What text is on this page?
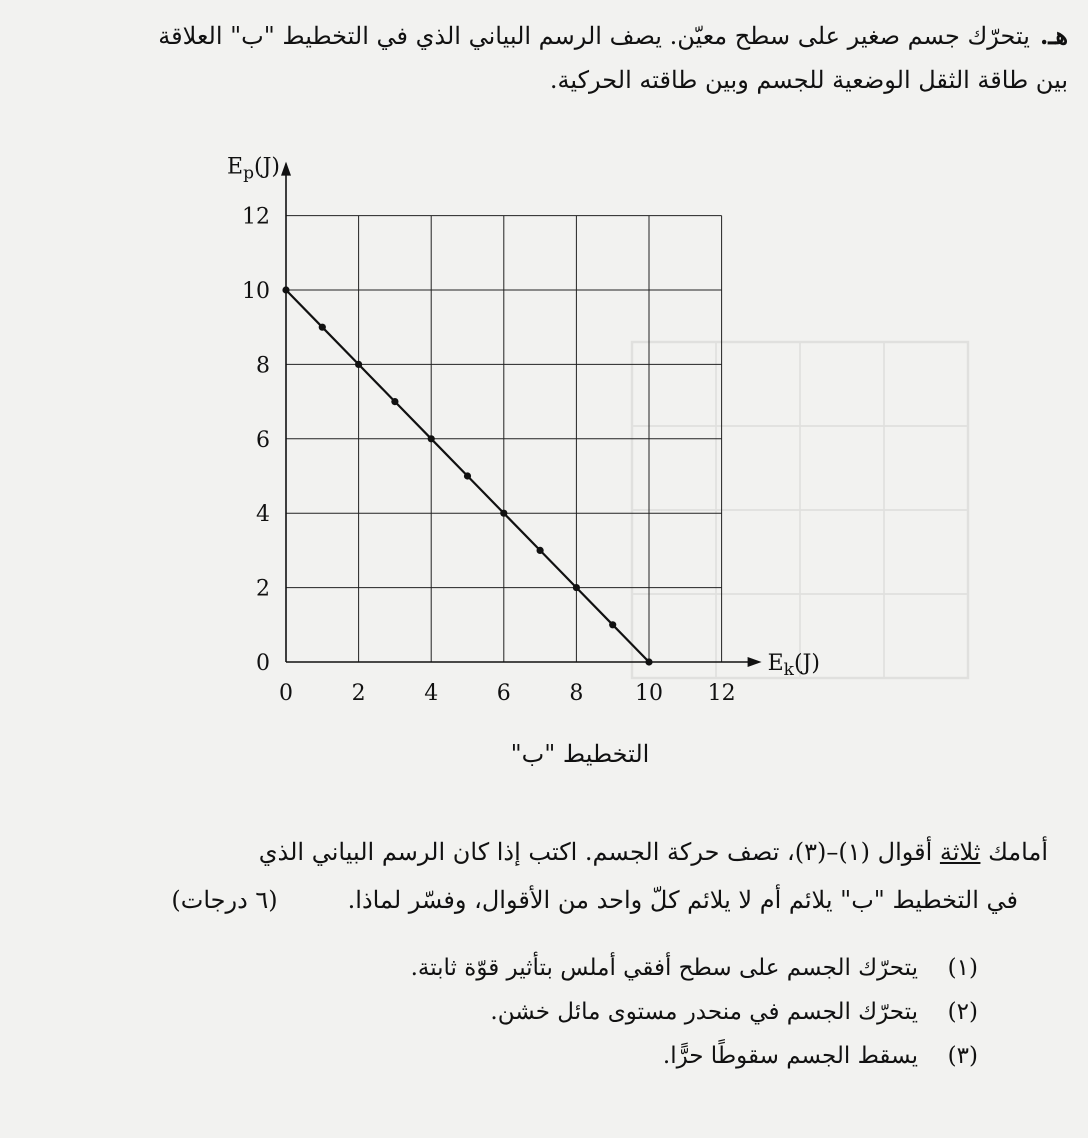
هـ.يتحرّك جسم صغير على سطح معيّن. يصف الرسم البياني الذي في التخطيط "ب" العلاقة
بين طاقة الثقل الوضعية للجسم وبين طاقته الحركية.
0
2
4
6
8
10
12
0	2	4	6	8 10 12
$E_p(J)$
$E_k(J)$
التخطيط "ب"

أمامك ثلاثة أقوال (١)–(٣)، تصف حركة الجسم. اكتب إذا كان الرسم البياني الذي

في التخطيط "ب" يلائم أم لا يلائم كلّ واحد من الأقوال، وفسّر لماذا.(٦ درجات)

(١)يتحرّك الجسم على سطح أفقي أملس بتأثير قوّة ثابتة.
(٢)يتحرّك الجسم في منحدر مستوى مائل خشن.
(٣)يسقط الجسم سقوطًا حرًّا.
